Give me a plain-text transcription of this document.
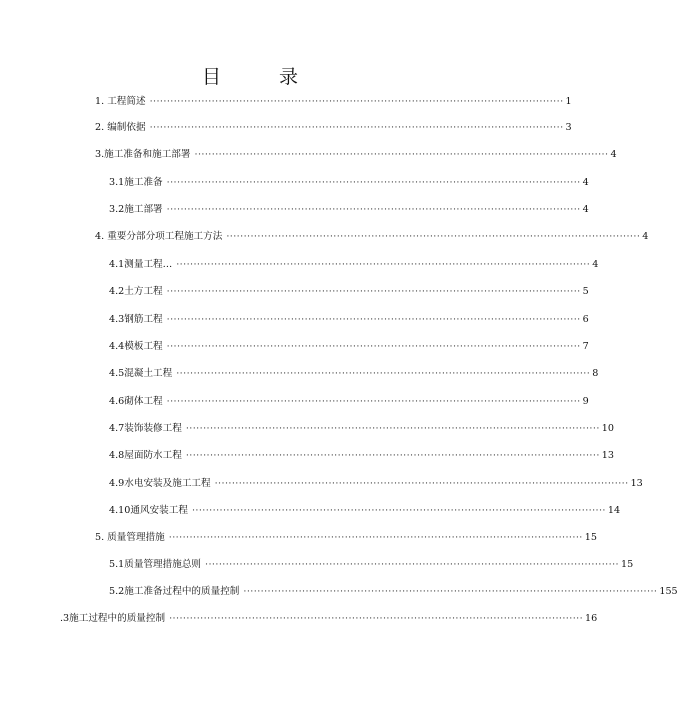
目 录
1. 工程简述 ························································································································ 1
2. 编制依据 ························································································································ 3
3.施工准备和施工部署 ························································································································ 4
3.1施工准备 ························································································································ 4
3.2施工部署 ························································································································ 4
4. 重要分部分项工程施工方法 ························································································································ 4
4.1测量工程… ························································································································ 4
4.2土方工程 ························································································································ 5
4.3钢筋工程 ························································································································ 6
4.4模板工程 ························································································································ 7
4.5混凝土工程 ························································································································ 8
4.6砌体工程 ························································································································ 9
4.7装饰装修工程 ························································································································ 10
4.8屋面防水工程 ························································································································ 13
4.9水电安装及施工工程 ························································································································ 13
4.10通风安装工程 ························································································································ 14
5. 质量管理措施 ························································································································ 15
5.1质量管理措施总则 ························································································································ 15
5.2施工准备过程中的质量控制 ························································································································ 155
.3施工过程中的质量控制 ························································································································ 16
